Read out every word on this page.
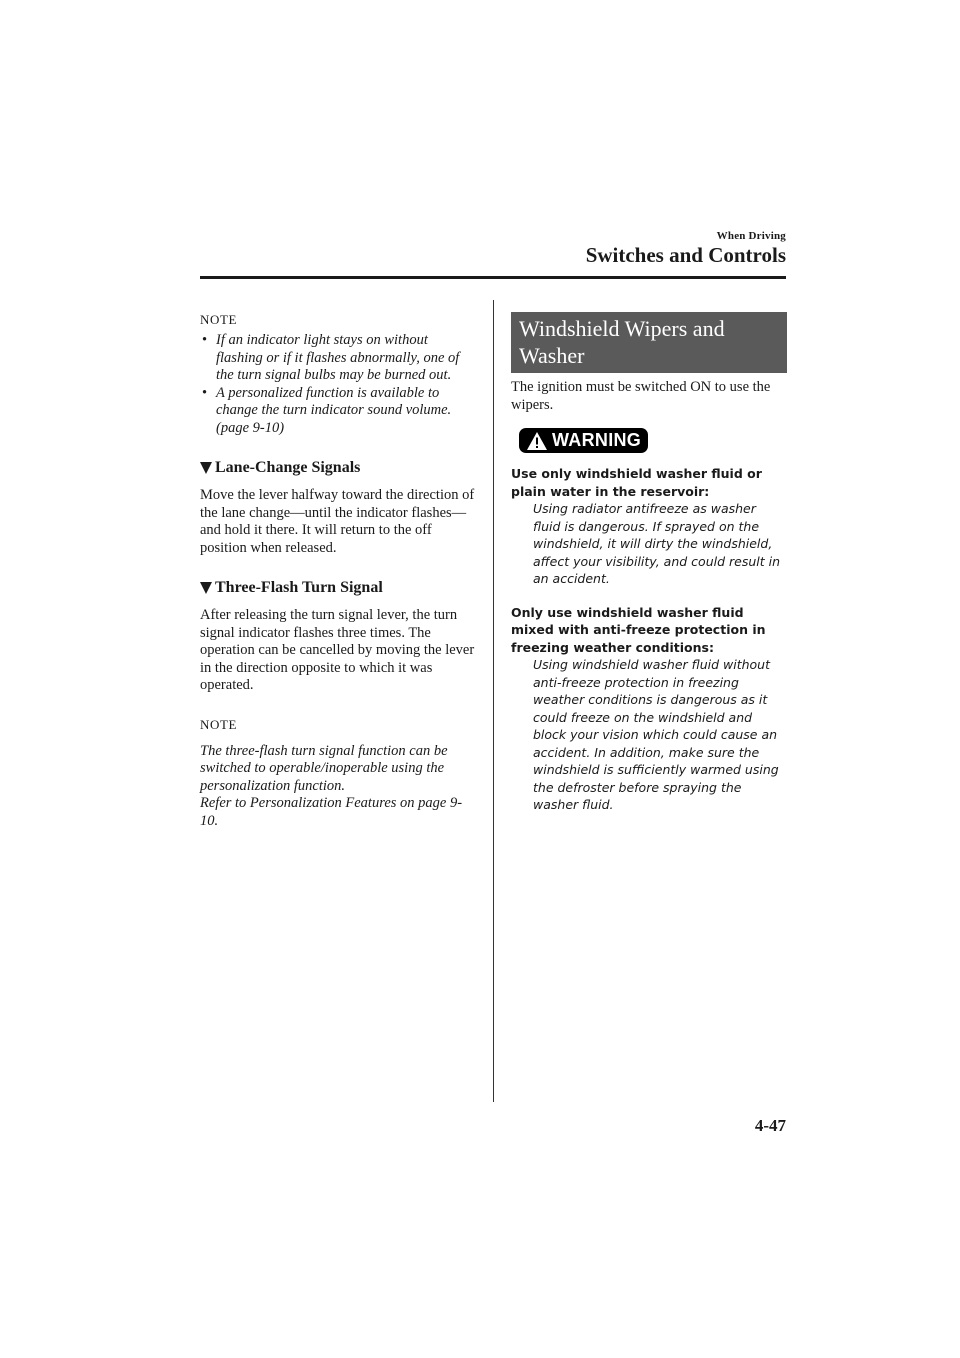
When Driving
Switches and Controls
NOTE
• If an indicator light stays on without flashing or if it flashes abnormally, one of the turn signal bulbs may be burned out.
• A personalized function is available to change the turn indicator sound volume. (page 9-10)
Lane-Change Signals

Move the lever halfway toward the direction of the lane change—until the indicator flashes— and hold it there. It will return to the off position when released.

Three-Flash Turn Signal

After releasing the turn signal lever, the turn signal indicator flashes three times. The operation can be cancelled by moving the lever in the direction opposite to which it was operated.

NOTE

The three-flash turn signal function can be switched to operable/inoperable using the personalization function.

Refer to Personalization Features on page 9-10.

Windshield Wipers and Washer

The ignition must be switched ON to use the wipers.

WARNING

Use only windshield washer fluid or plain water in the reservoir:

Using radiator antifreeze as washer fluid is dangerous. If sprayed on the windshield, it will dirty the windshield, affect your visibility, and could result in an accident.

Only use windshield washer fluid mixed with anti-freeze protection in freezing weather conditions:

Using windshield washer fluid without anti-freeze protection in freezing weather conditions is dangerous as it could freeze on the windshield and block your vision which could cause an accident. In addition, make sure the windshield is sufficiently warmed using the defroster before spraying the washer fluid.

4-47
